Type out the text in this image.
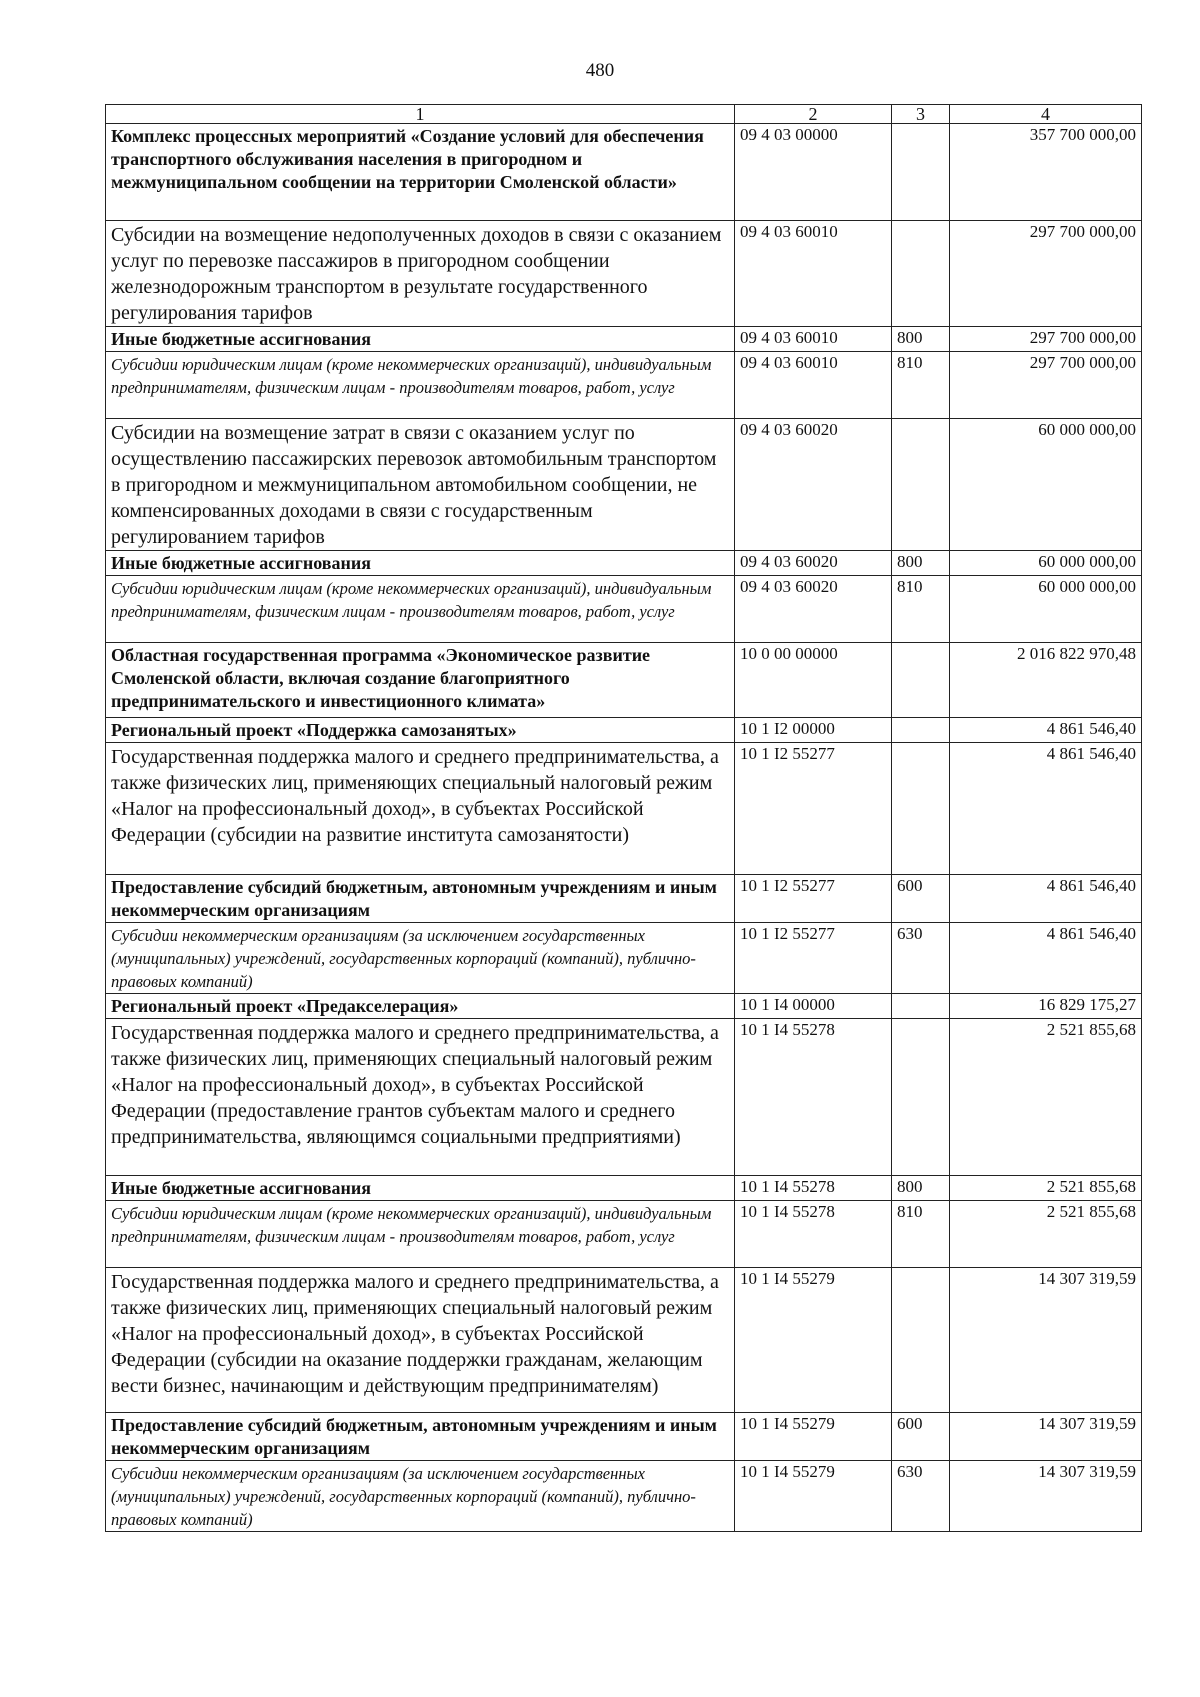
480
1	2	3	4
Комплекс процессных мероприятий «Создание условий для обеспечения транспортного обслуживания населения в пригородном и межмуниципальном сообщении на территории Смоленской области»	09 4 03 00000		357 700 000,00
Субсидии на возмещение недополученных доходов в связи с оказанием услуг по перевозке пассажиров в пригородном сообщении железнодорожным транспортом в результате государственного регулирования тарифов	09 4 03 60010		297 700 000,00
Иные бюджетные ассигнования	09 4 03 60010	800	297 700 000,00
Субсидии юридическим лицам (кроме некоммерческих организаций), индивидуальным предпринимателям, физическим лицам - производителям товаров, работ, услуг	09 4 03 60010	810	297 700 000,00
Субсидии на возмещение затрат в связи с оказанием услуг по осуществлению пассажирских перевозок автомобильным транспортом в пригородном и межмуниципальном автомобильном сообщении, не компенсированных доходами в связи с государственным регулированием тарифов	09 4 03 60020		60 000 000,00
Иные бюджетные ассигнования	09 4 03 60020	800	60 000 000,00
Субсидии юридическим лицам (кроме некоммерческих организаций), индивидуальным предпринимателям, физическим лицам - производителям товаров, работ, услуг	09 4 03 60020	810	60 000 000,00
Областная государственная программа «Экономическое развитие Смоленской области, включая создание благоприятного предпринимательского и инвестиционного климата»	10 0 00 00000		2 016 822 970,48
Региональный проект «Поддержка самозанятых»	10 1 I2 00000		4 861 546,40
Государственная поддержка малого и среднего предпринимательства, а также физических лиц, применяющих специальный налоговый режим «Налог на профессиональный доход», в субъектах Российской Федерации (субсидии на развитие института самозанятости)	10 1 I2 55277		4 861 546,40
Предоставление субсидий бюджетным, автономным учреждениям и иным некоммерческим организациям	10 1 I2 55277	600	4 861 546,40
Субсидии некоммерческим организациям (за исключением государственных (муниципальных) учреждений, государственных корпораций (компаний), публично-правовых компаний)	10 1 I2 55277	630	4 861 546,40
Региональный проект «Предакселерация»	10 1 I4 00000		16 829 175,27
Государственная поддержка малого и среднего предпринимательства, а также физических лиц, применяющих специальный налоговый режим «Налог на профессиональный доход», в субъектах Российской Федерации (предоставление грантов субъектам малого и среднего предпринимательства, являющимся социальными предприятиями)	10 1 I4 55278		2 521 855,68
Иные бюджетные ассигнования	10 1 I4 55278	800	2 521 855,68
Субсидии юридическим лицам (кроме некоммерческих организаций), индивидуальным предпринимателям, физическим лицам - производителям товаров, работ, услуг	10 1 I4 55278	810	2 521 855,68
Государственная поддержка малого и среднего предпринимательства, а также физических лиц, применяющих специальный налоговый режим «Налог на профессиональный доход», в субъектах Российской Федерации (субсидии на оказание поддержки гражданам, желающим вести бизнес, начинающим и действующим предпринимателям)	10 1 I4 55279		14 307 319,59
Предоставление субсидий бюджетным, автономным учреждениям и иным некоммерческим организациям	10 1 I4 55279	600	14 307 319,59
Субсидии некоммерческим организациям (за исключением государственных (муниципальных) учреждений, государственных корпораций (компаний), публично-правовых компаний)	10 1 I4 55279	630	14 307 319,59
